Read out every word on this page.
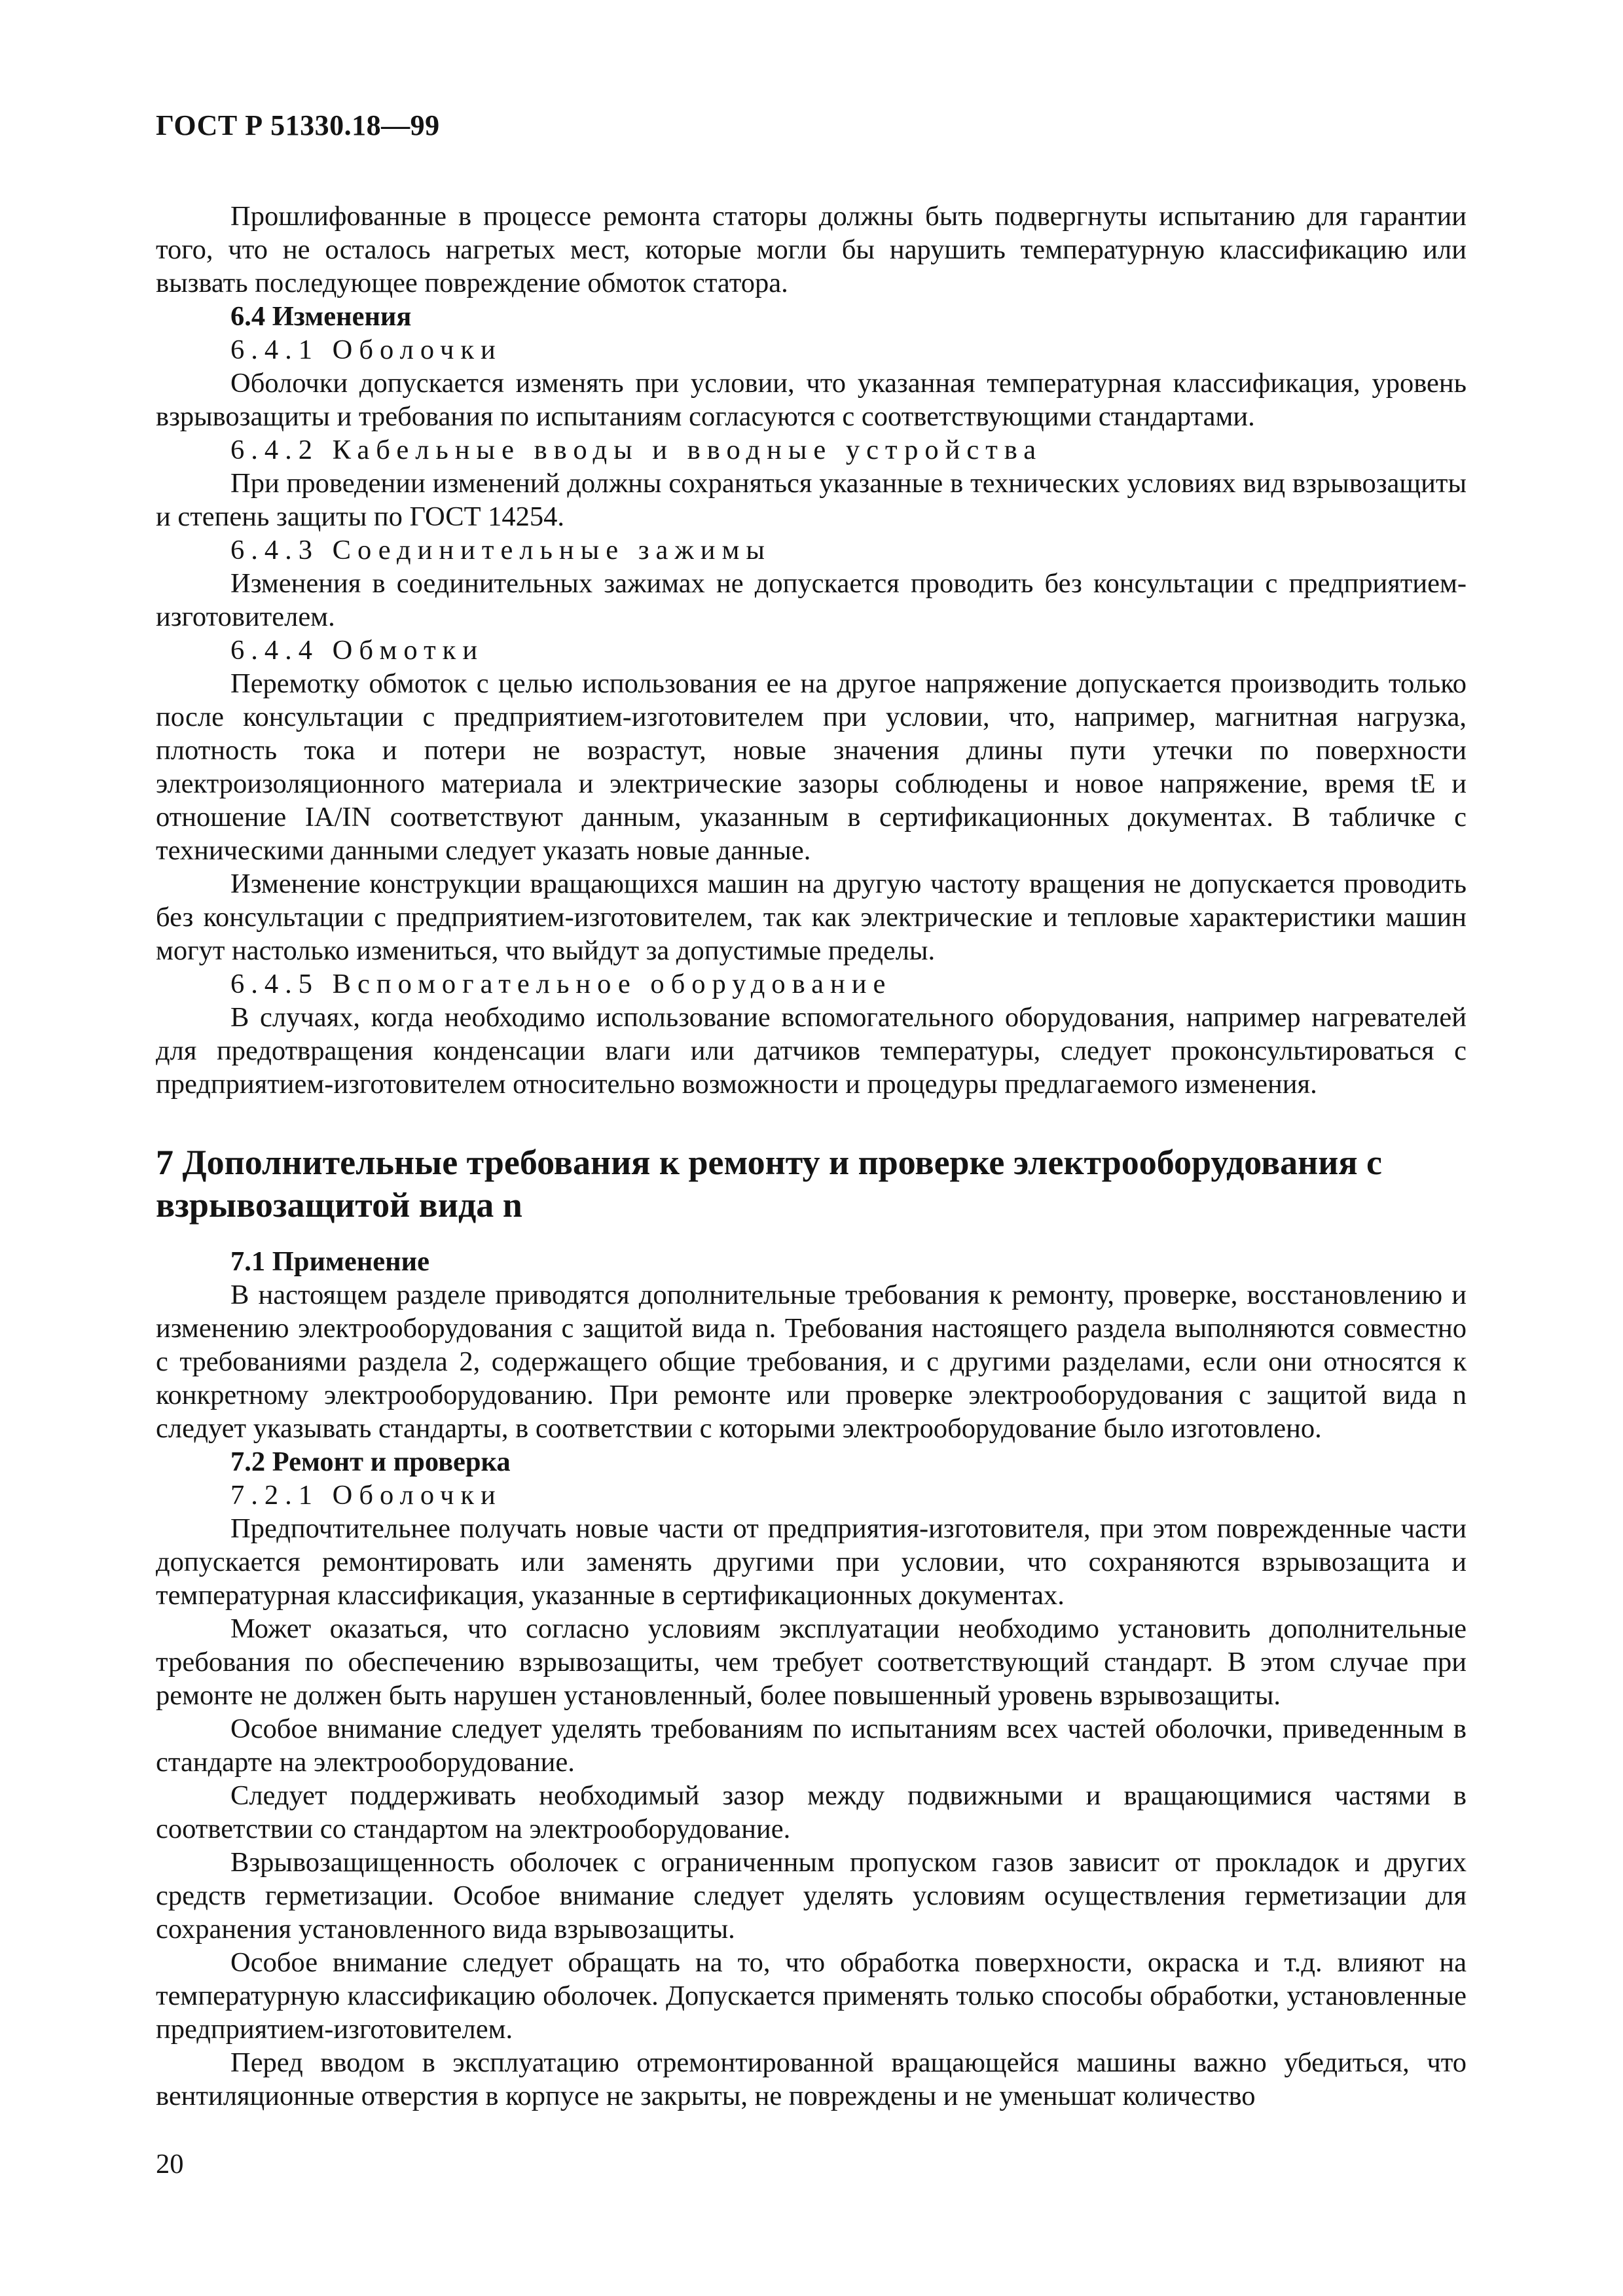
ГОСТ Р 51330.18—99

Прошлифованные в процессе ремонта статоры должны быть подвергнуты испытанию для гарантии того, что не осталось нагретых мест, которые могли бы нарушить температурную классификацию или вызвать последующее повреждение обмоток статора.

6.4 Изменения
6.4.1 Оболочки

Оболочки допускается изменять при условии, что указанная температурная классификация, уровень взрывозащиты и требования по испытаниям согласуются с соответствующими стандартами.

6.4.2 Кабельные вводы и вводные устройства

При проведении изменений должны сохраняться указанные в технических условиях вид взрывозащиты и степень защиты по ГОСТ 14254.

6.4.3 Соединительные зажимы

Изменения в соединительных зажимах не допускается проводить без консультации с предприятием-изготовителем.

6.4.4 Обмотки

Перемотку обмоток с целью использования ее на другое напряжение допускается производить только после консультации с предприятием-изготовителем при условии, что, например, магнитная нагрузка, плотность тока и потери не возрастут, новые значения длины пути утечки по поверхности электроизоляционного материала и электрические зазоры соблюдены и новое напряжение, время tE и отношение IA/IN соответствуют данным, указанным в сертификационных документах. В табличке с техническими данными следует указать новые данные.

Изменение конструкции вращающихся машин на другую частоту вращения не допускается проводить без консультации с предприятием-изготовителем, так как электрические и тепловые характеристики машин могут настолько измениться, что выйдут за допустимые пределы.

6.4.5 Вспомогательное оборудование

В случаях, когда необходимо использование вспомогательного оборудования, например нагревателей для предотвращения конденсации влаги или датчиков температуры, следует проконсультироваться с предприятием-изготовителем относительно возможности и процедуры предлагаемого изменения.

7 Дополнительные требования к ремонту и проверке электрооборудования с взрывозащитой вида n
7.1 Применение

В настоящем разделе приводятся дополнительные требования к ремонту, проверке, восстановлению и изменению электрооборудования с защитой вида n. Требования настоящего раздела выполняются совместно с требованиями раздела 2, содержащего общие требования, и с другими разделами, если они относятся к конкретному электрооборудованию. При ремонте или проверке электрооборудования с защитой вида n следует указывать стандарты, в соответствии с которыми электрооборудование было изготовлено.

7.2 Ремонт и проверка
7.2.1 Оболочки

Предпочтительнее получать новые части от предприятия-изготовителя, при этом поврежденные части допускается ремонтировать или заменять другими при условии, что сохраняются взрывозащита и температурная классификация, указанные в сертификационных документах.

Может оказаться, что согласно условиям эксплуатации необходимо установить дополнительные требования по обеспечению взрывозащиты, чем требует соответствующий стандарт. В этом случае при ремонте не должен быть нарушен установленный, более повышенный уровень взрывозащиты.

Особое внимание следует уделять требованиям по испытаниям всех частей оболочки, приведенным в стандарте на электрооборудование.

Следует поддерживать необходимый зазор между подвижными и вращающимися частями в соответствии со стандартом на электрооборудование.

Взрывозащищенность оболочек с ограниченным пропуском газов зависит от прокладок и других средств герметизации. Особое внимание следует уделять условиям осуществления герметизации для сохранения установленного вида взрывозащиты.

Особое внимание следует обращать на то, что обработка поверхности, окраска и т.д. влияют на температурную классификацию оболочек. Допускается применять только способы обработки, установленные предприятием-изготовителем.

Перед вводом в эксплуатацию отремонтированной вращающейся машины важно убедиться, что вентиляционные отверстия в корпусе не закрыты, не повреждены и не уменьшат количество

20
